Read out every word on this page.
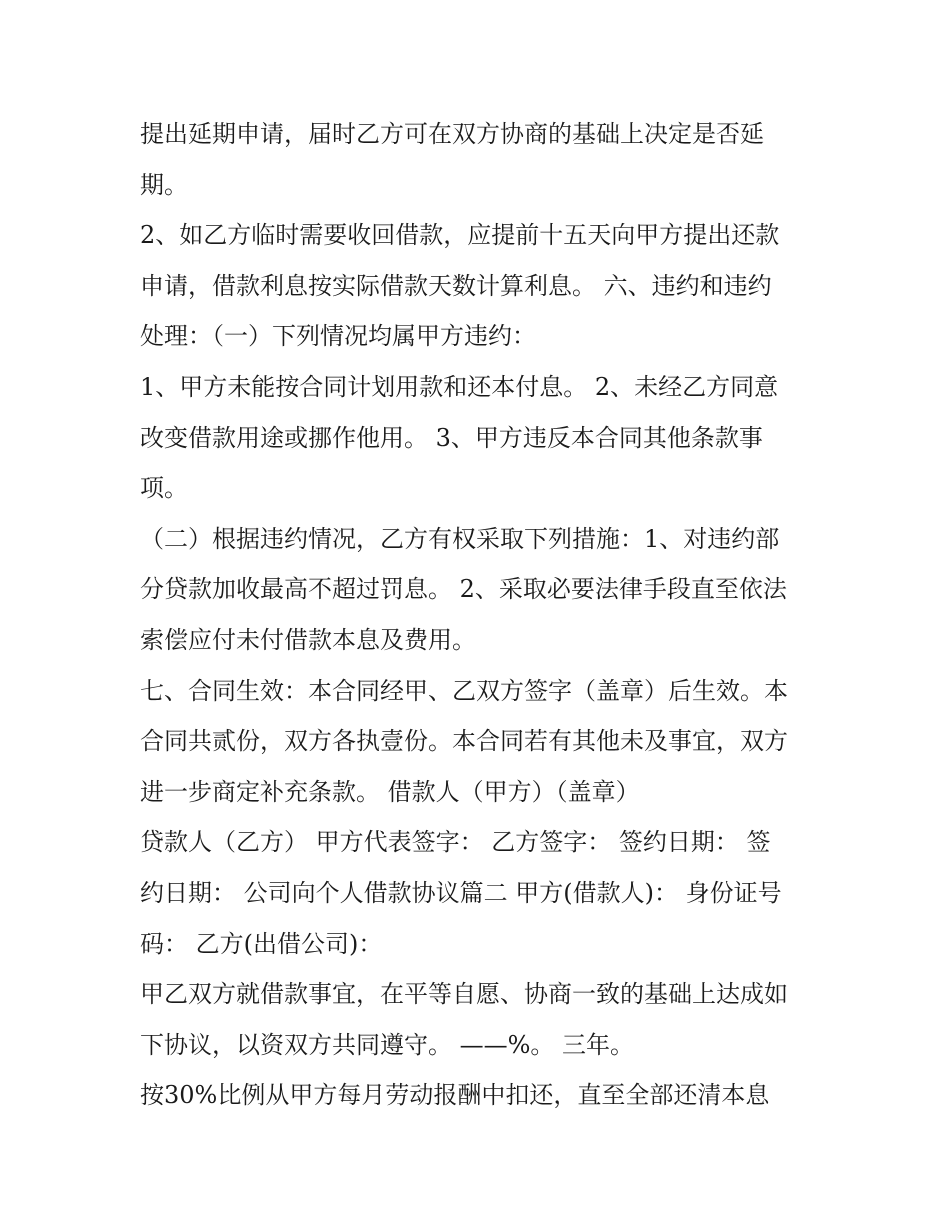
提出延期申请，届时乙方可在双方协商的基础上决定是否延
期。
2、如乙方临时需要收回借款，应提前十五天向甲方提出还款
申请，借款利息按实际借款天数计算利息。 六、违约和违约
处理：（一）下列情况均属甲方违约：
1、甲方未能按合同计划用款和还本付息。 2、未经乙方同意
改变借款用途或挪作他用。 3、甲方违反本合同其他条款事
项。
（二）根据违约情况，乙方有权采取下列措施：1、对违约部
分贷款加收最高不超过罚息。 2、采取必要法律手段直至依法
索偿应付未付借款本息及费用。
七、合同生效：本合同经甲、乙双方签字（盖章）后生效。本
合同共贰份，双方各执壹份。本合同若有其他未及事宜，双方
进一步商定补充条款。 借款人（甲方）（盖章）
贷款人（乙方） 甲方代表签字： 乙方签字： 签约日期： 签
约日期： 公司向个人借款协议篇二 甲方(借款人)： 身份证号
码： 乙方(出借公司)：
甲乙双方就借款事宜，在平等自愿、协商一致的基础上达成如
下协议，以资双方共同遵守。 ——%。 三年。
按30%比例从甲方每月劳动报酬中扣还，直至全部还清本息
